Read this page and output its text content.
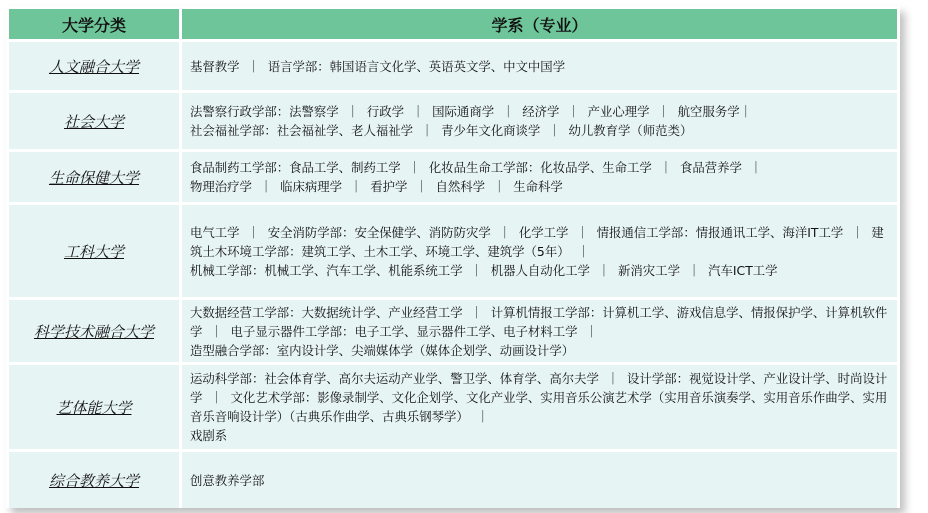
大学分类	学系（专业）
人文融合大学	基督教学  ｜  语言学部：韩国语言文化学、英语英文学、中文中国学
社会大学	法警察行政学部：法警察学  ｜  行政学  ｜  国际通商学  ｜  经济学  ｜  产业心理学  ｜  航空服务学｜
社会福祉学部：社会福祉学、老人福祉学  ｜  青少年文化商谈学  ｜  幼儿教育学（师范类）
生命保健大学	食品制药工学部：食品工学、制药工学  ｜  化妆品生命工学部：化妆品学、生命工学  ｜  食品营养学  ｜
物理治疗学  ｜  临床病理学  ｜  看护学  ｜  自然科学  ｜  生命科学
工科大学	电气工学  ｜  安全消防学部：安全保健学、消防防灾学  ｜  化学工学  ｜  情报通信工学部：情报通讯工学、海洋IT工学  ｜  建筑土木环境工学部：建筑工学、土木工学、环境工学、建筑学（5年）  ｜
机械工学部：机械工学、汽车工学、机能系统工学  ｜  机器人自动化工学  ｜  新消灾工学  ｜  汽车ICT工学
科学技术融合大学	大数据经营工学部：大数据统计学、产业经营工学  ｜  计算机情报工学部：计算机工学、游戏信息学、情报保护学、计算机软件学  ｜  电子显示器件工学部：电子工学、显示器件工学、电子材料工学  ｜
造型融合学部：室内设计学、尖端媒体学（媒体企划学、动画设计学）
艺体能大学	运动科学部：社会体育学、高尔夫运动产业学、警卫学、体育学、高尔夫学  ｜  设计学部：视觉设计学、产业设计学、时尚设计学  ｜  文化艺术学部：影像录制学、文化企划学、文化产业学、实用音乐公演艺术学（实用音乐演奏学、实用音乐作曲学、实用音乐音响设计学）（古典乐作曲学、古典乐钢琴学）  ｜
戏剧系
综合教养大学	创意教养学部
